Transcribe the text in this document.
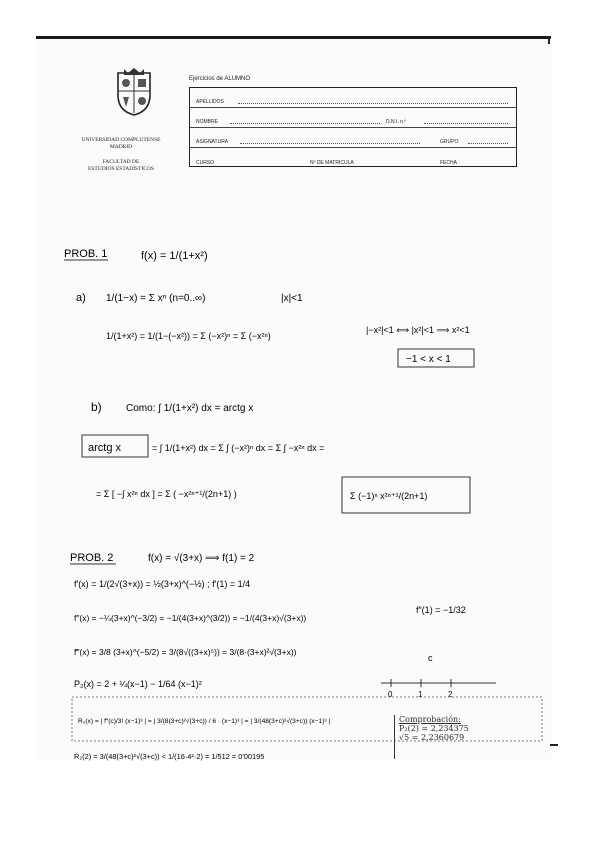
UNIVERSIDAD COMPLUTENSE
MADRID
FACULTAD DE
ESTUDIOS ESTADÍSTICOS
Ejercicios de ALUMNO
APELLIDOS
NOMBRE	D.N.I. n.º
ASIGNATURA	GRUPO
CURSO	Nº DE MATRICULA	FECHA
PROB. 1	f(x) = 1/(1+x²)
a) 1/(1−x) = Σ xⁿ (n=0..∞)	|x|<1
1/(1+x²) = 1/(1−(−x²)) = Σ (−x²)ⁿ = Σ (−x²ⁿ)
|−x²|<1 ⟺ |x²|<1 ⟹ x²<1
−1 < x < 1
b) Como: ∫ 1/(1+x²) dx = arctg x
arctg x	= ∫ 1/(1+x²) dx = Σ ∫ (−x²)ⁿ dx = Σ ∫ −x²ⁿ dx =
= Σ [ −∫ x²ⁿ dx ] = Σ ( −x²ⁿ⁺¹/(2n+1) )	Σ (−1)ⁿ x²ⁿ⁺¹/(2n+1)
PROB. 2	f(x) = √(3+x) ⟹ f(1) = 2
f′(x) = 1/(2√(3+x)) = ½(3+x)^(−½) ; f′(1) = 1/4
f″(x) = −¼(3+x)^(−3/2) = −1/(4(3+x)^(3/2)) = −1/(4(3+x)√(3+x))
f″(1) = −1/32
f‴(x) = 3/8 (3+x)^(−5/2) = 3/(8√((3+x)⁵)) = 3/(8·(3+x)²√(3+x))
c
0	1	2
P₂(x) = 2 + ¼(x−1) − 1/64 (x−1)²
R₂(x) = | f‴(c)/3! (x−1)³ | = | 3/(8(3+c)²√(3+c)) / 6 · (x−1)³ | = | 3/(48(3+c)²√(3+c)) (x−1)³ |
R₂(2) = 3/(48(3+c)²√(3+c)) < 1/(16·4²·2) = 1/512 = 0'00195
Comprobación:
P₂(2) = 2,234375
√5 = 2,2360679
